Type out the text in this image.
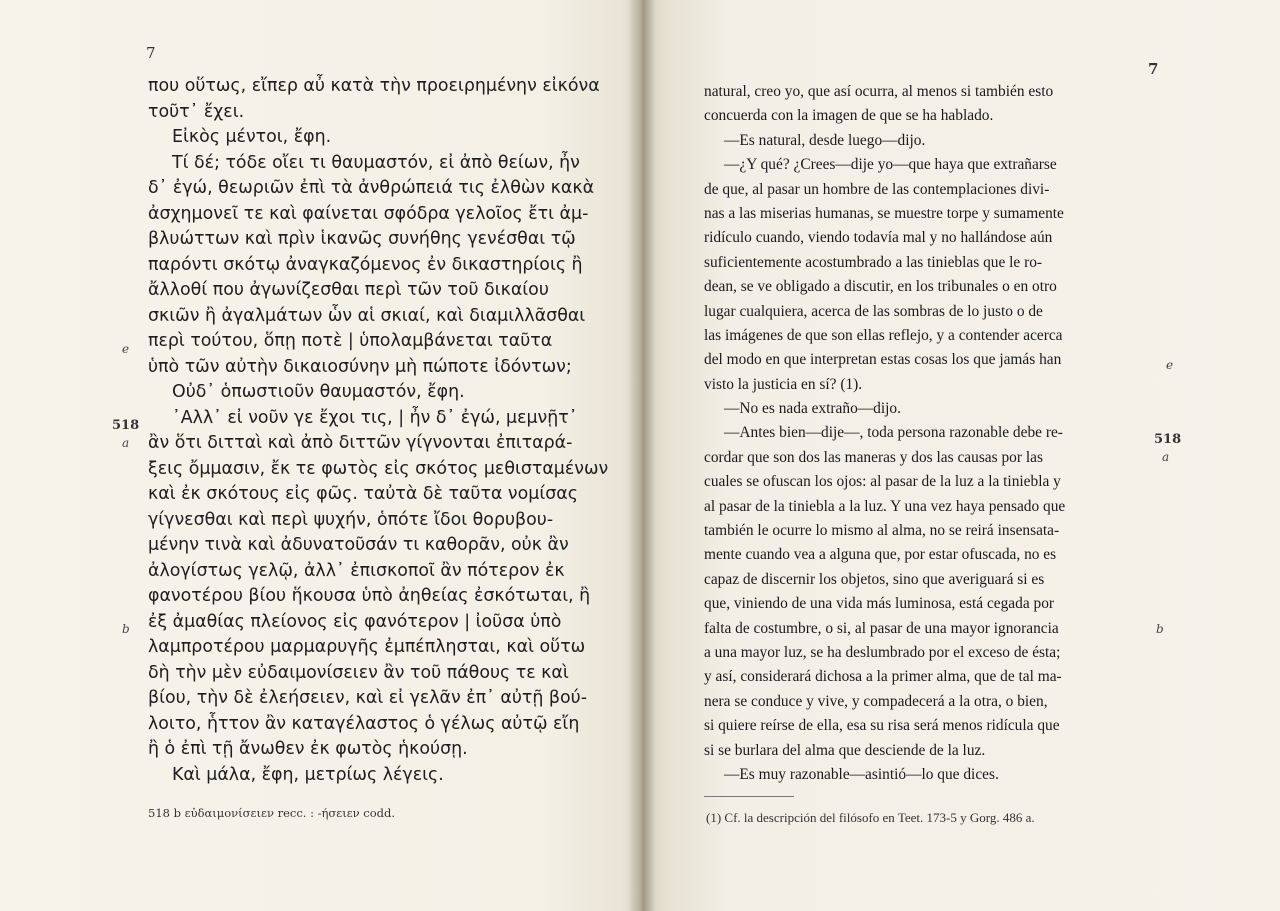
7
που οὕτως, εἴπερ αὖ κατὰ τὴν προειρημένην εἰκόνα
τοῦτ᾽ ἔχει.
Εἰκὸς μέντοι, ἔφη.
Τί δέ; τόδε οἴει τι θαυμαστόν, εἰ ἀπὸ θείων, ἦν
δ᾽ ἐγώ, θεωριῶν ἐπὶ τὰ ἀνθρώπειά τις ἐλθὼν κακὰ
ἀσχημονεῖ τε καὶ φαίνεται σφόδρα γελοῖος ἔτι ἀμ-
βλυώττων καὶ πρὶν ἱκανῶς συνήθης γενέσθαι τῷ
παρόντι σκότῳ ἀναγκαζόμενος ἐν δικαστηρίοις ἢ
ἄλλοθί που ἀγωνίζεσθαι περὶ τῶν τοῦ δικαίου
σκιῶν ἢ ἀγαλμάτων ὧν αἱ σκιαί, καὶ διαμιλλᾶσθαι
περὶ τούτου, ὅπῃ ποτὲ | ὑπολαμβάνεται ταῦτα
ὑπὸ τῶν αὐτὴν δικαιοσύνην μὴ πώποτε ἰδόντων;
Οὐδ᾽ ὁπωστιοῦν θαυμαστόν, ἔφη.
᾽Αλλ᾽ εἰ νοῦν γε ἔχοι τις, | ἦν δ᾽ ἐγώ, μεμνῇτ᾽
ἂν ὅτι διτταὶ καὶ ἀπὸ διττῶν γίγνονται ἐπιταρά-
ξεις ὄμμασιν, ἔκ τε φωτὸς εἰς σκότος μεθισταμένων
καὶ ἐκ σκότους εἰς φῶς. ταὐτὰ δὲ ταῦτα νομίσας
γίγνεσθαι καὶ περὶ ψυχήν, ὁπότε ἴδοι θορυβου-
μένην τινὰ καὶ ἀδυνατοῦσάν τι καθορᾶν, οὐκ ἂν
ἀλογίστως γελῷ, ἀλλ᾽ ἐπισκοποῖ ἂν πότερον ἐκ
φανοτέρου βίου ἥκουσα ὑπὸ ἀηθείας ἐσκότωται, ἢ
ἐξ ἀμαθίας πλείονος εἰς φανότερον | ἰοῦσα ὑπὸ
λαμπροτέρου μαρμαρυγῆς ἐμπέπλησται, καὶ οὕτω
δὴ τὴν μὲν εὐδαιμονίσειεν ἂν τοῦ πάθους τε καὶ
βίου, τὴν δὲ ἐλεήσειεν, καὶ εἰ γελᾶν ἐπ᾽ αὐτῇ βού-
λοιτο, ἧττον ἂν καταγέλαστος ὁ γέλως αὐτῷ εἴη
ἢ ὁ ἐπὶ τῇ ἄνωθεν ἐκ φωτὸς ἡκούσῃ.
Καὶ μάλα, ἔφη, μετρίως λέγεις.
e
518
a
b
518 b εὐδαιμονίσειεν recc. : -ήσειεν codd.
7
natural, creo yo, que así ocurra, al menos si también esto
concuerda con la imagen de que se ha hablado.
—Es natural, desde luego—dijo.
—¿Y qué? ¿Crees—dije yo—que haya que extrañarse
de que, al pasar un hombre de las contemplaciones divi-
nas a las miserias humanas, se muestre torpe y sumamente
ridículo cuando, viendo todavía mal y no hallándose aún
suficientemente acostumbrado a las tinieblas que le ro-
dean, se ve obligado a discutir, en los tribunales o en otro
lugar cualquiera, acerca de las sombras de lo justo o de
las imágenes de que son ellas reflejo, y a contender acerca
del modo en que interpretan estas cosas los que jamás han
visto la justicia en sí? (1).
—No es nada extraño—dijo.
—Antes bien—dije—, toda persona razonable debe re-
cordar que son dos las maneras y dos las causas por las
cuales se ofuscan los ojos: al pasar de la luz a la tiniebla y
al pasar de la tiniebla a la luz. Y una vez haya pensado que
también le ocurre lo mismo al alma, no se reirá insensata-
mente cuando vea a alguna que, por estar ofuscada, no es
capaz de discernir los objetos, sino que averiguará si es
que, viniendo de una vida más luminosa, está cegada por
falta de costumbre, o si, al pasar de una mayor ignorancia
a una mayor luz, se ha deslumbrado por el exceso de ésta;
y así, considerará dichosa a la primer alma, que de tal ma-
nera se conduce y vive, y compadecerá a la otra, o bien,
si quiere reírse de ella, esa su risa será menos ridícula que
si se burlara del alma que desciende de la luz.
—Es muy razonable—asintió—lo que dices.
e
518
a
b
(1) Cf. la descripción del filósofo en Teet. 173-5 y Gorg. 486 a.
